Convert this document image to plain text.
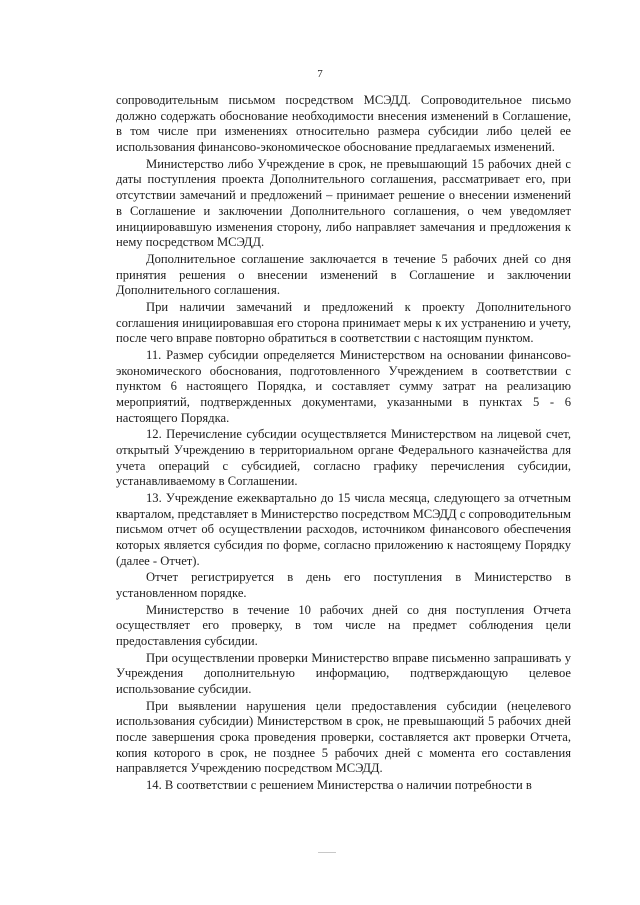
7

сопроводительным письмом посредством МСЭДД. Сопроводительное письмо должно содержать обоснование необходимости внесения изменений в Соглашение, в том числе при изменениях относительно размера субсидии либо целей ее использования финансово-экономическое обоснование предлагаемых изменений.

Министерство либо Учреждение в срок, не превышающий 15 рабочих дней с даты поступления проекта Дополнительного соглашения, рассматривает его, при отсутствии замечаний и предложений – принимает решение о внесении изменений в Соглашение и заключении Дополнительного соглашения, о чем уведомляет инициировавшую изменения сторону, либо направляет замечания и предложения к нему посредством МСЭДД.

Дополнительное соглашение заключается в течение 5 рабочих дней со дня принятия решения о внесении изменений в Соглашение и заключении Дополнительного соглашения.

При наличии замечаний и предложений к проекту Дополнительного соглашения инициировавшая его сторона принимает меры к их устранению и учету, после чего вправе повторно обратиться в соответствии с настоящим пунктом.

11. Размер субсидии определяется Министерством на основании финансово-экономического обоснования, подготовленного Учреждением в соответствии с пунктом 6 настоящего Порядка, и составляет сумму затрат на реализацию мероприятий, подтвержденных документами, указанными в пунктах 5 - 6 настоящего Порядка.

12. Перечисление субсидии осуществляется Министерством на лицевой счет, открытый Учреждению в территориальном органе Федерального казначейства для учета операций с субсидией, согласно графику перечисления субсидии, устанавливаемому в Соглашении.

13. Учреждение ежеквартально до 15 числа месяца, следующего за отчетным кварталом, представляет в Министерство посредством МСЭДД с сопроводительным письмом отчет об осуществлении расходов, источником финансового обеспечения которых является субсидия по форме, согласно приложению к настоящему Порядку (далее - Отчет).

Отчет регистрируется в день его поступления в Министерство в установленном порядке.

Министерство в течение 10 рабочих дней со дня поступления Отчета осуществляет его проверку, в том числе на предмет соблюдения цели предоставления субсидии.

При осуществлении проверки Министерство вправе письменно запрашивать у Учреждения дополнительную информацию, подтверждающую целевое использование субсидии.

При выявлении нарушения цели предоставления субсидии (нецелевого использования субсидии) Министерством в срок, не превышающий 5 рабочих дней после завершения срока проведения проверки, составляется акт проверки Отчета, копия которого в срок, не позднее 5 рабочих дней с момента его составления направляется Учреждению посредством МСЭДД.

14. В соответствии с решением Министерства о наличии потребности в
